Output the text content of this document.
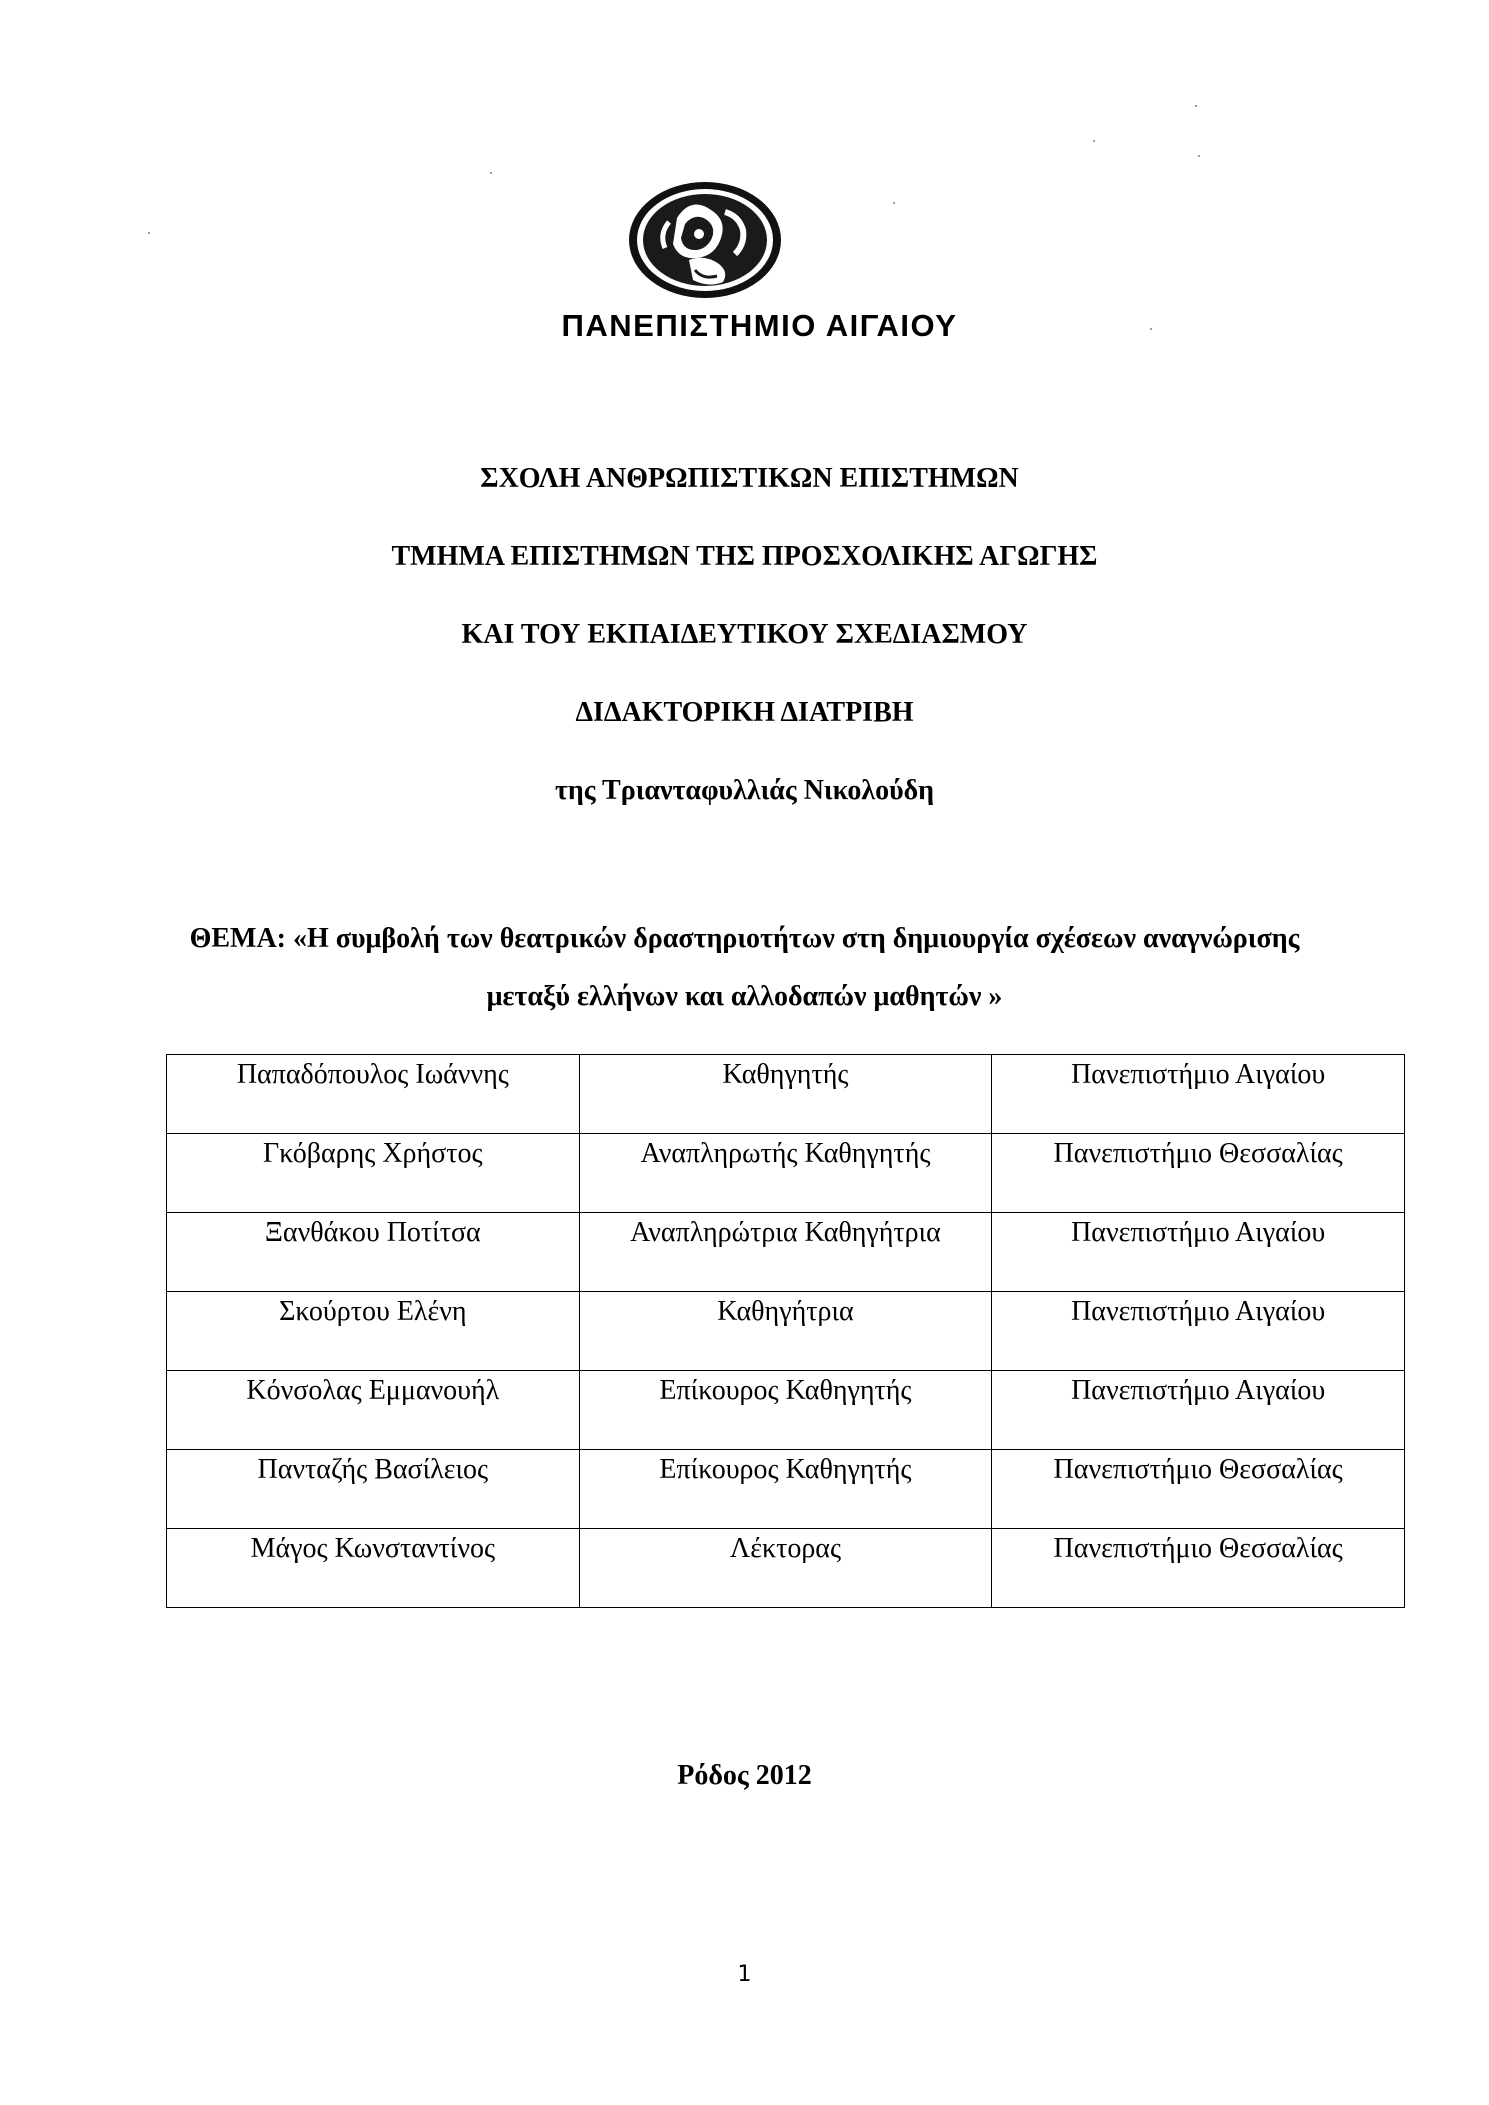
ΠΑΝΕΠΙΣΤΗΜΙΟ ΑΙΓΑΙΟΥ
ΣΧΟΛΗ ΑΝΘΡΩΠΙΣΤΙΚΩΝ ΕΠΙΣΤΗΜΩΝ
ΤΜΗΜΑ ΕΠΙΣΤΗΜΩΝ ΤΗΣ ΠΡΟΣΧΟΛΙΚΗΣ ΑΓΩΓΗΣ
ΚΑΙ ΤΟΥ ΕΚΠΑΙΔΕΥΤΙΚΟΥ ΣΧΕΔΙΑΣΜΟΥ
ΔΙΔΑΚΤΟΡΙΚΗ ΔΙΑΤΡΙΒΗ
της Τριανταφυλλιάς Νικολούδη
ΘΕΜΑ: «Η συμβολή των θεατρικών δραστηριοτήτων στη δημιουργία σχέσεων αναγνώρισης
μεταξύ ελλήνων και αλλοδαπών μαθητών »
Παπαδόπουλος Ιωάννης	Καθηγητής	Πανεπιστήμιο Αιγαίου
Γκόβαρης Χρήστος	Αναπληρωτής Καθηγητής	Πανεπιστήμιο Θεσσαλίας
Ξανθάκου Ποτίτσα	Αναπληρώτρια Καθηγήτρια	Πανεπιστήμιο Αιγαίου
Σκούρτου Ελένη	Καθηγήτρια	Πανεπιστήμιο Αιγαίου
Κόνσολας Εμμανουήλ	Επίκουρος Καθηγητής	Πανεπιστήμιο Αιγαίου
Πανταζής Βασίλειος	Επίκουρος Καθηγητής	Πανεπιστήμιο Θεσσαλίας
Μάγος Κωνσταντίνος	Λέκτορας	Πανεπιστήμιο Θεσσαλίας
Ρόδος 2012
1
